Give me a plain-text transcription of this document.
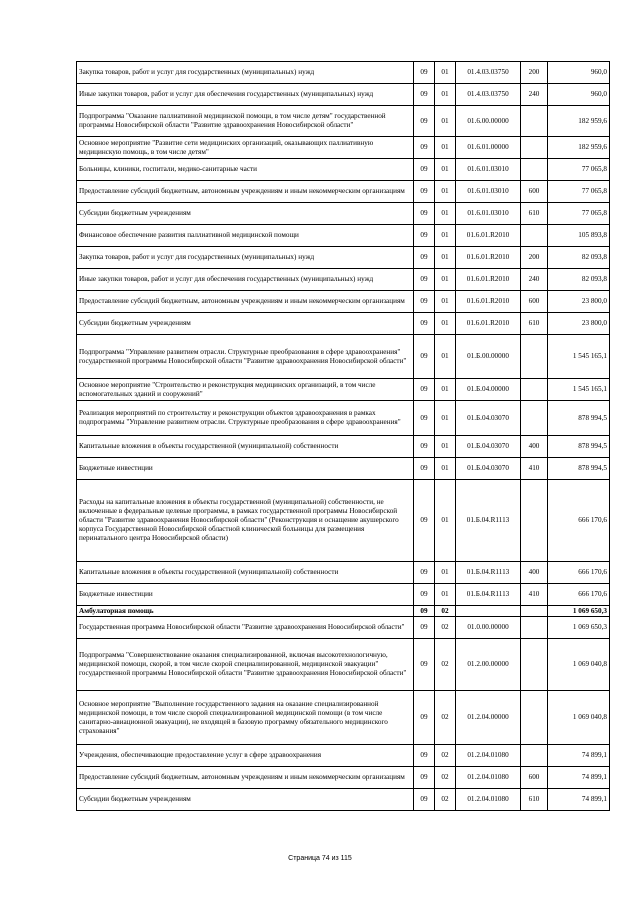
Закупка товаров, работ и услуг для государственных (муниципальных) нужд	09	01	01.4.03.03750	200	960,0
Иные закупки товаров, работ и услуг для обеспечения государственных (муниципальных) нужд	09	01	01.4.03.03750	240	960,0
Подпрограмма "Оказание паллиативной медицинской помощи, в том числе детям" государственной программы Новосибирской области "Развитие здравоохранения Новосибирской области"	09	01	01.6.00.00000		182 959,6
Основное мероприятие "Развитие сети медицинских организаций, оказывающих паллиативную медицинскую помощь, в том числе детям"	09	01	01.6.01.00000		182 959,6
Больницы, клиники, госпитали, медико-санитарные части	09	01	01.6.01.03010		77 065,8
Предоставление субсидий бюджетным, автономным учреждениям и иным некоммерческим организациям	09	01	01.6.01.03010	600	77 065,8
Субсидии бюджетным учреждениям	09	01	01.6.01.03010	610	77 065,8
Финансовое обеспечение развития паллиативной медицинской помощи	09	01	01.6.01.R2010		105 893,8
Закупка товаров, работ и услуг для государственных (муниципальных) нужд	09	01	01.6.01.R2010	200	82 093,8
Иные закупки товаров, работ и услуг для обеспечения государственных (муниципальных) нужд	09	01	01.6.01.R2010	240	82 093,8
Предоставление субсидий бюджетным, автономным учреждениям и иным некоммерческим организациям	09	01	01.6.01.R2010	600	23 800,0
Субсидии бюджетным учреждениям	09	01	01.6.01.R2010	610	23 800,0
Подпрограмма "Управление развитием отрасли. Структурные преобразования в сфере здравоохранения" государственной программы Новосибирской области "Развитие здравоохранения Новосибирской области"	09	01	01.Б.00.00000		1 545 165,1
Основное мероприятие "Строительство и реконструкция медицинских организаций, в том числе вспомогательных зданий и сооружений"	09	01	01.Б.04.00000		1 545 165,1
Реализация мероприятий по строительству и реконструкции объектов здравоохранения в рамках подпрограммы "Управление развитием отрасли. Структурные преобразования в сфере здравоохранения"	09	01	01.Б.04.03070		878 994,5
Капитальные вложения в объекты государственной (муниципальной) собственности	09	01	01.Б.04.03070	400	878 994,5
Бюджетные инвестиции	09	01	01.Б.04.03070	410	878 994,5
Расходы на капитальные вложения в объекты государственной (муниципальной) собственности, не включенные в федеральные целевые программы, в рамках государственной программы Новосибирской области "Развитие здравоохранения Новосибирской области" (Реконструкция и оснащение акушерского корпуса Государственной Новосибирской областной клинической больницы для размещения перинатального центра Новосибирской области)	09	01	01.Б.04.R1113		666 170,6
Капитальные вложения в объекты государственной (муниципальной) собственности	09	01	01.Б.04.R1113	400	666 170,6
Бюджетные инвестиции	09	01	01.Б.04.R1113	410	666 170,6
Амбулаторная помощь	09	02			1 069 650,3
Государственная программа Новосибирской области "Развитие здравоохранения Новосибирской области"	09	02	01.0.00.00000		1 069 650,3
Подпрограмма "Совершенствование оказания специализированной, включая высокотехнологичную, медицинской помощи, скорой, в том числе скорой специализированной, медицинской эвакуации" государственной программы Новосибирской области "Развитие здравоохранения Новосибирской области"	09	02	01.2.00.00000		1 069 040,8
Основное мероприятие "Выполнение государственного задания на оказание специализированной медицинской помощи, в том числе скорой специализированной медицинской помощи (в том числе санитарно-авиационной эвакуации), не входящей в базовую программу обязательного медицинского страхования"	09	02	01.2.04.00000		1 069 040,8
Учреждения, обеспечивающие предоставление услуг в сфере здравоохранения	09	02	01.2.04.01080		74 899,1
Предоставление субсидий бюджетным, автономным учреждениям и иным некоммерческим организациям	09	02	01.2.04.01080	600	74 899,1
Субсидии бюджетным учреждениям	09	02	01.2.04.01080	610	74 899,1
Страница 74 из 115
